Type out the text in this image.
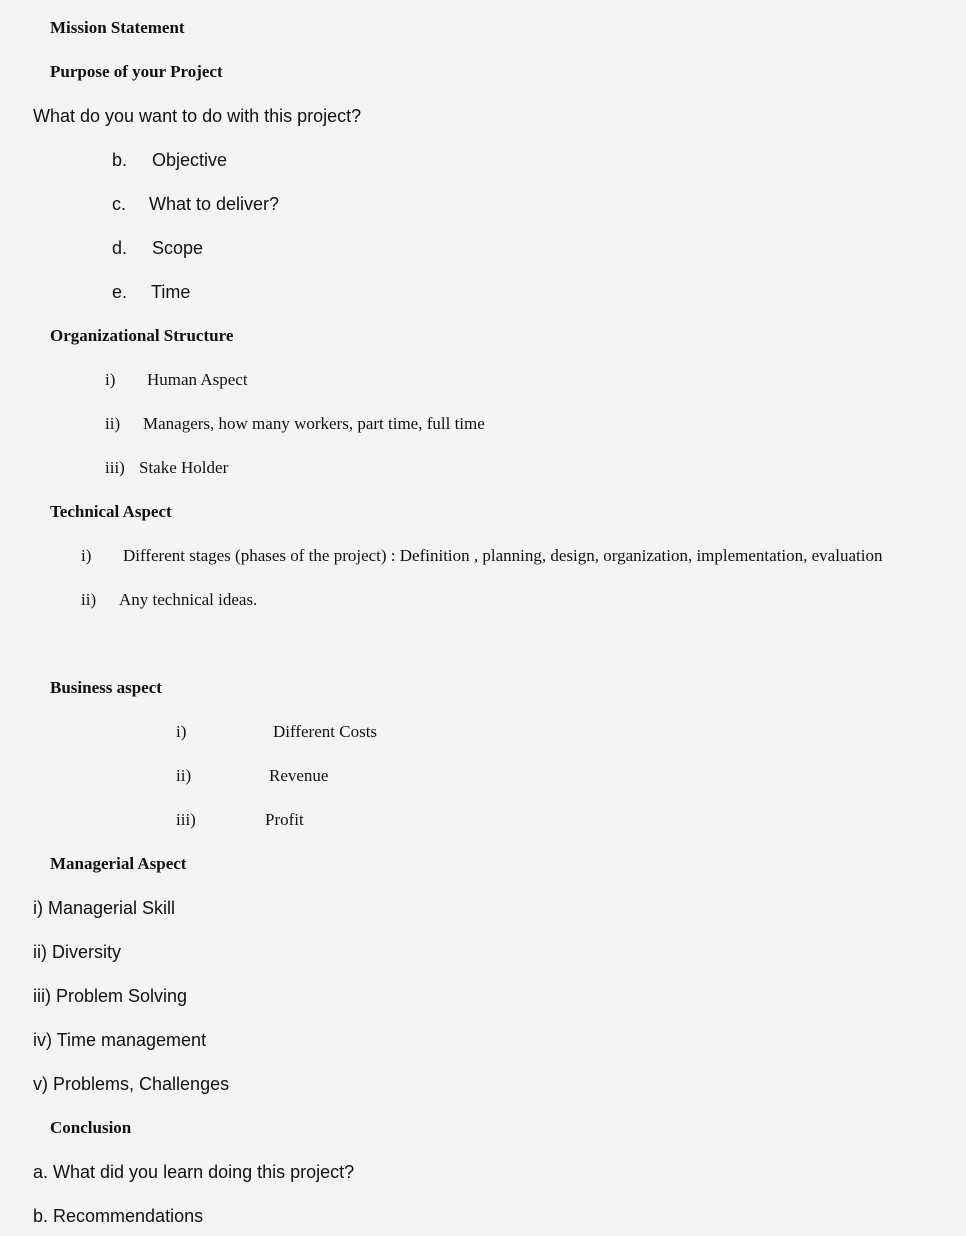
Mission Statement
Purpose of your Project
What do you want to do with this project?
b. Objective
c. What to deliver?
d. Scope
e. Time
Organizational Structure
i) Human Aspect
ii) Managers, how many workers, part time, full time
iii) Stake Holder
Technical Aspect
i) Different stages (phases of the project) : Definition , planning, design, organization, implementation, evaluation
ii) Any technical ideas.
Business aspect
i)	Different Costs
ii)	Revenue
iii)	Profit
Managerial Aspect
i) Managerial Skill
ii) Diversity
iii) Problem Solving
iv) Time management
v) Problems, Challenges
Conclusion
a. What did you learn doing this project?
b. Recommendations
